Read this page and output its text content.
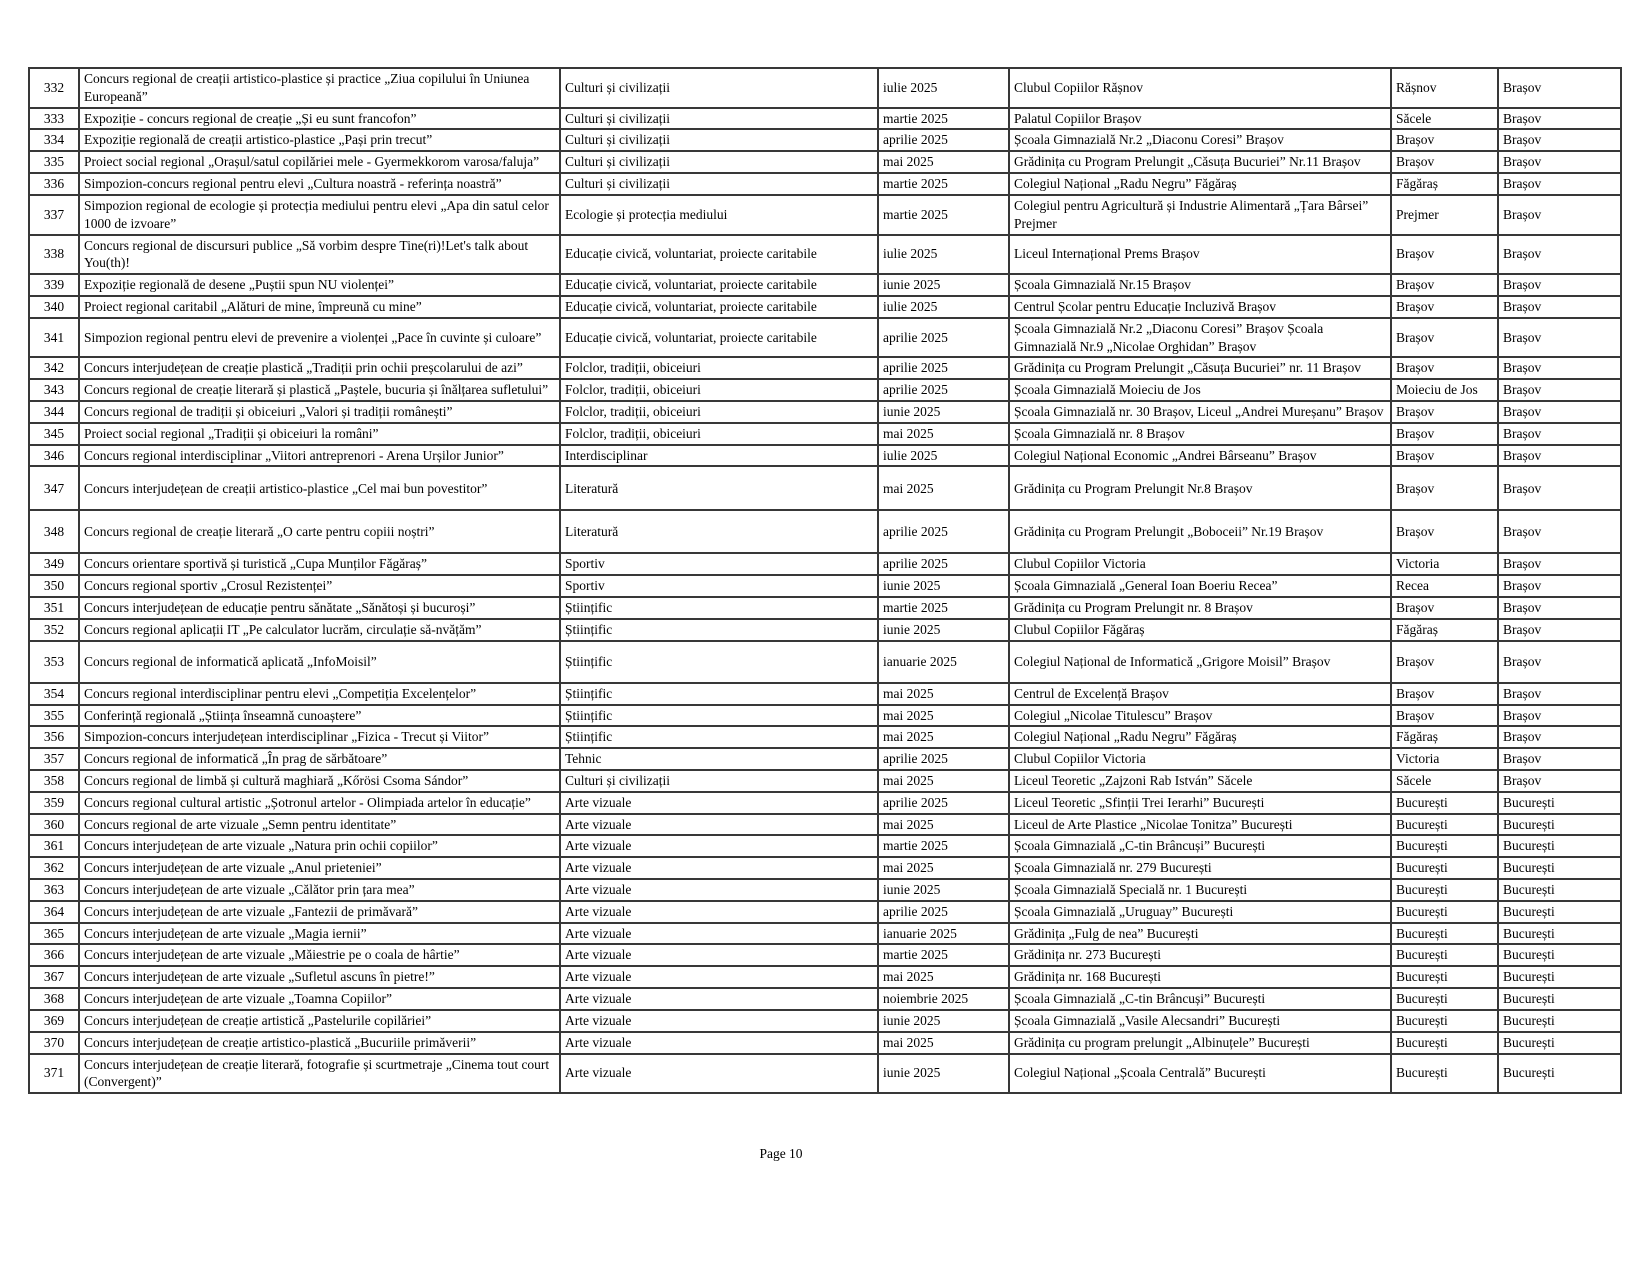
332	Concurs regional de creații artistico-plastice și practice „Ziua copilului în Uniunea Europeană”	Culturi și civilizații	iulie 2025	Clubul Copiilor Rășnov	Rășnov	Brașov
333	Expoziție - concurs regional de creație „Și eu sunt francofon”	Culturi și civilizații	martie 2025	Palatul Copiilor Brașov	Săcele	Brașov
334	Expoziție regională de creații artistico-plastice „Pași prin trecut”	Culturi și civilizații	aprilie 2025	Școala Gimnazială Nr.2 „Diaconu Coresi” Brașov	Brașov	Brașov
335	Proiect social regional „Orașul/satul copilăriei mele - Gyermekkorom varosa/faluja”	Culturi și civilizații	mai 2025	Grădinița cu Program Prelungit „Căsuța Bucuriei” Nr.11 Brașov	Brașov	Brașov
336	Simpozion-concurs regional pentru elevi „Cultura noastră - referința noastră”	Culturi și civilizații	martie 2025	Colegiul Național „Radu Negru” Făgăraș	Făgăraș	Brașov
337	Simpozion regional de ecologie și protecția mediului pentru elevi „Apa din satul celor 1000 de izvoare”	Ecologie și protecția mediului	martie 2025	Colegiul pentru Agricultură și Industrie Alimentară „Țara Bârsei” Prejmer	Prejmer	Brașov
338	Concurs regional de discursuri publice „Să vorbim despre Tine(ri)!Let's talk about You(th)!	Educație civică, voluntariat, proiecte caritabile	iulie 2025	Liceul Internațional Prems Brașov	Brașov	Brașov
339	Expoziție regională de desene „Puștii spun NU violenței”	Educație civică, voluntariat, proiecte caritabile	iunie 2025	Școala Gimnazială Nr.15 Brașov	Brașov	Brașov
340	Proiect regional caritabil „Alături de mine, împreună cu mine”	Educație civică, voluntariat, proiecte caritabile	iulie 2025	Centrul Școlar pentru Educație Incluzivă Brașov	Brașov	Brașov
341	Simpozion regional pentru elevi de prevenire a violenței „Pace în cuvinte și culoare”	Educație civică, voluntariat, proiecte caritabile	aprilie 2025	Școala Gimnazială Nr.2 „Diaconu Coresi” Brașov Școala Gimnazială Nr.9 „Nicolae Orghidan” Brașov	Brașov	Brașov
342	Concurs interjudețean de creație plastică „Tradiții prin ochii preșcolarului de azi”	Folclor, tradiții, obiceiuri	aprilie 2025	Grădinița cu Program Prelungit „Căsuța Bucuriei” nr. 11 Brașov	Brașov	Brașov
343	Concurs regional de creație literară și plastică „Paștele, bucuria și înălțarea sufletului”	Folclor, tradiții, obiceiuri	aprilie 2025	Școala Gimnazială Moieciu de Jos	Moieciu de Jos	Brașov
344	Concurs regional de tradiții și obiceiuri „Valori și tradiții românești”	Folclor, tradiții, obiceiuri	iunie 2025	Școala Gimnazială nr. 30 Brașov, Liceul „Andrei Mureșanu” Brașov	Brașov	Brașov
345	Proiect social regional „Tradiții și obiceiuri la români”	Folclor, tradiții, obiceiuri	mai 2025	Școala Gimnazială nr. 8 Brașov	Brașov	Brașov
346	Concurs regional interdisciplinar „Viitori antreprenori - Arena Urșilor Junior”	Interdisciplinar	iulie 2025	Colegiul Național Economic „Andrei Bârseanu” Brașov	Brașov	Brașov
347	Concurs interjudețean de creații artistico-plastice „Cel mai bun povestitor”	Literatură	mai 2025	Grădinița cu Program Prelungit Nr.8 Brașov	Brașov	Brașov
348	Concurs regional de creație literară „O carte pentru copiii noștri”	Literatură	aprilie 2025	Grădinița cu Program Prelungit „Boboceii” Nr.19 Brașov	Brașov	Brașov
349	Concurs orientare sportivă și turistică „Cupa Munților Făgăraș”	Sportiv	aprilie 2025	Clubul Copiilor Victoria	Victoria	Brașov
350	Concurs regional sportiv „Crosul Rezistenței”	Sportiv	iunie 2025	Școala Gimnazială „General Ioan Boeriu Recea”	Recea	Brașov
351	Concurs interjudețean de educație pentru sănătate „Sănătoși și bucuroși”	Științific	martie 2025	Grădinița cu Program Prelungit nr. 8 Brașov	Brașov	Brașov
352	Concurs regional aplicații IT „Pe calculator lucrăm, circulație să-nvățăm”	Științific	iunie 2025	Clubul Copiilor Făgăraș	Făgăraș	Brașov
353	Concurs regional de informatică aplicată „InfoMoisil”	Științific	ianuarie 2025	Colegiul Național de Informatică „Grigore Moisil” Brașov	Brașov	Brașov
354	Concurs regional interdisciplinar pentru elevi „Competiția Excelențelor”	Științific	mai 2025	Centrul de Excelență Brașov	Brașov	Brașov
355	Conferință regională „Știința înseamnă cunoaștere”	Științific	mai 2025	Colegiul „Nicolae Titulescu” Brașov	Brașov	Brașov
356	Simpozion-concurs interjudețean interdisciplinar „Fizica - Trecut și Viitor”	Științific	mai 2025	Colegiul Național „Radu Negru” Făgăraș	Făgăraș	Brașov
357	Concurs regional de informatică „În prag de sărbătoare”	Tehnic	aprilie 2025	Clubul Copiilor Victoria	Victoria	Brașov
358	Concurs regional de limbă și cultură maghiară „Kőrösi Csoma Sándor”	Culturi și civilizații	mai 2025	Liceul Teoretic „Zajzoni Rab István” Săcele	Săcele	Brașov
359	Concurs regional cultural artistic „Șotronul artelor - Olimpiada artelor în educație”	Arte vizuale	aprilie 2025	Liceul Teoretic „Sfinții Trei Ierarhi” București	București	București
360	Concurs regional de arte vizuale „Semn pentru identitate”	Arte vizuale	mai 2025	Liceul de Arte Plastice „Nicolae Tonitza” București	București	București
361	Concurs interjudețean de arte vizuale „Natura prin ochii copiilor”	Arte vizuale	martie 2025	Școala Gimnazială „C-tin Brâncuși” București	București	București
362	Concurs interjudețean de arte vizuale „Anul prieteniei”	Arte vizuale	mai 2025	Școala Gimnazială nr. 279 București	București	București
363	Concurs interjudețean de arte vizuale „Călător prin țara mea”	Arte vizuale	iunie 2025	Școala Gimnazială Specială nr. 1 București	București	București
364	Concurs interjudețean de arte vizuale „Fantezii de primăvară”	Arte vizuale	aprilie 2025	Școala Gimnazială „Uruguay” București	București	București
365	Concurs interjudețean de arte vizuale „Magia iernii”	Arte vizuale	ianuarie 2025	Grădinița „Fulg de nea” București	București	București
366	Concurs interjudețean de arte vizuale „Măiestrie pe o coala de hârtie”	Arte vizuale	martie 2025	Grădinița nr. 273 București	București	București
367	Concurs interjudețean de arte vizuale „Sufletul ascuns în pietre!”	Arte vizuale	mai 2025	Grădinița nr. 168 București	București	București
368	Concurs interjudețean de arte vizuale „Toamna Copiilor”	Arte vizuale	noiembrie 2025	Școala Gimnazială „C-tin Brâncuși” București	București	București
369	Concurs interjudețean de creație artistică „Pastelurile copilăriei”	Arte vizuale	iunie 2025	Școala Gimnazială „Vasile Alecsandri” București	București	București
370	Concurs interjudețean de creație artistico-plastică „Bucuriile primăverii”	Arte vizuale	mai 2025	Grădinița cu program prelungit „Albinuțele” București	București	București
371	Concurs interjudețean de creație literară, fotografie și scurtmetraje „Cinema tout court (Convergent)”	Arte vizuale	iunie 2025	Colegiul Național „Școala Centrală” București	București	București
Page 10
